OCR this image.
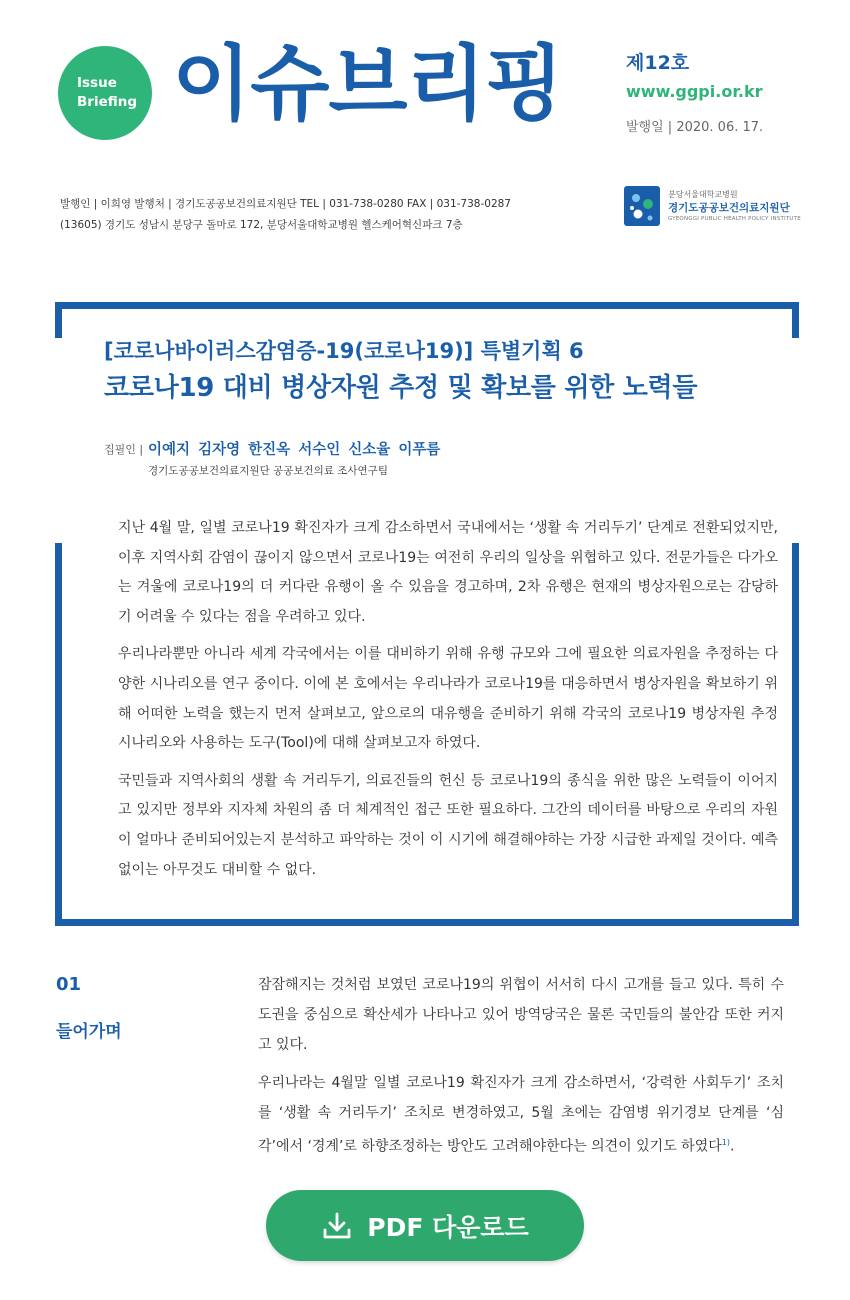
Issue
Briefing 이슈브리핑	제12호
www.ggpi.or.kr
발행일 | 2020. 06. 17.
발행인 | 이희영 발행처 | 경기도공공보건의료지원단 TEL | 031-738-0280 FAX | 031-738-0287
(13605) 경기도 성남시 분당구 돌마로 172, 분당서울대학교병원 헬스케어혁신파크 7층
분당서울대학교병원
경기도공공보건의료지원단
GYEONGGI PUBLIC HEALTH POLICY INSTITUTE
[코로나바이러스감염증-19(코로나19)] 특별기획 6
코로나19 대비 병상자원 추정 및 확보를 위한 노력들
집필인 | 이예지 김자영 한진옥 서수인 신소율 이푸름
경기도공공보건의료지원단 공공보건의료 조사연구팀

지난 4월 말, 일별 코로나19 확진자가 크게 감소하면서 국내에서는 ‘생활 속 거리두기’ 단계로 전환되었지만, 이후 지역사회 감염이 끊이지 않으면서 코로나19는 여전히 우리의 일상을 위협하고 있다. 전문가들은 다가오는 겨울에 코로나19의 더 커다란 유행이 올 수 있음을 경고하며, 2차 유행은 현재의 병상자원으로는 감당하기 어려울 수 있다는 점을 우려하고 있다.

우리나라뿐만 아니라 세계 각국에서는 이를 대비하기 위해 유행 규모와 그에 필요한 의료자원을 추정하는 다양한 시나리오를 연구 중이다. 이에 본 호에서는 우리나라가 코로나19를 대응하면서 병상자원을 확보하기 위해 어떠한 노력을 했는지 먼저 살펴보고, 앞으로의 대유행을 준비하기 위해 각국의 코로나19 병상자원 추정 시나리오와 사용하는 도구(Tool)에 대해 살펴보고자 하였다.

국민들과 지역사회의 생활 속 거리두기, 의료진들의 헌신 등 코로나19의 종식을 위한 많은 노력들이 이어지고 있지만 정부와 지자체 차원의 좀 더 체계적인 접근 또한 필요하다. 그간의 데이터를 바탕으로 우리의 자원이 얼마나 준비되어있는지 분석하고 파악하는 것이 이 시기에 해결해야하는 가장 시급한 과제일 것이다. 예측 없이는 아무것도 대비할 수 없다.

01
들어가며

잠잠해지는 것처럼 보였던 코로나19의 위협이 서서히 다시 고개를 들고 있다. 특히 수도권을 중심으로 확산세가 나타나고 있어 방역당국은 물론 국민들의 불안감 또한 커지고 있다.

우리나라는 4월말 일별 코로나19 확진자가 크게 감소하면서, ‘강력한 사회두기’ 조치를 ‘생활 속 거리두기’ 조치로 변경하였고, 5월 초에는 감염병 위기경보 단계를 ‘심각’에서 ‘경계’로 하향조정하는 방안도 고려해야한다는 의견이 있기도 하였다$^{1)}$.

PDF 다운로드
